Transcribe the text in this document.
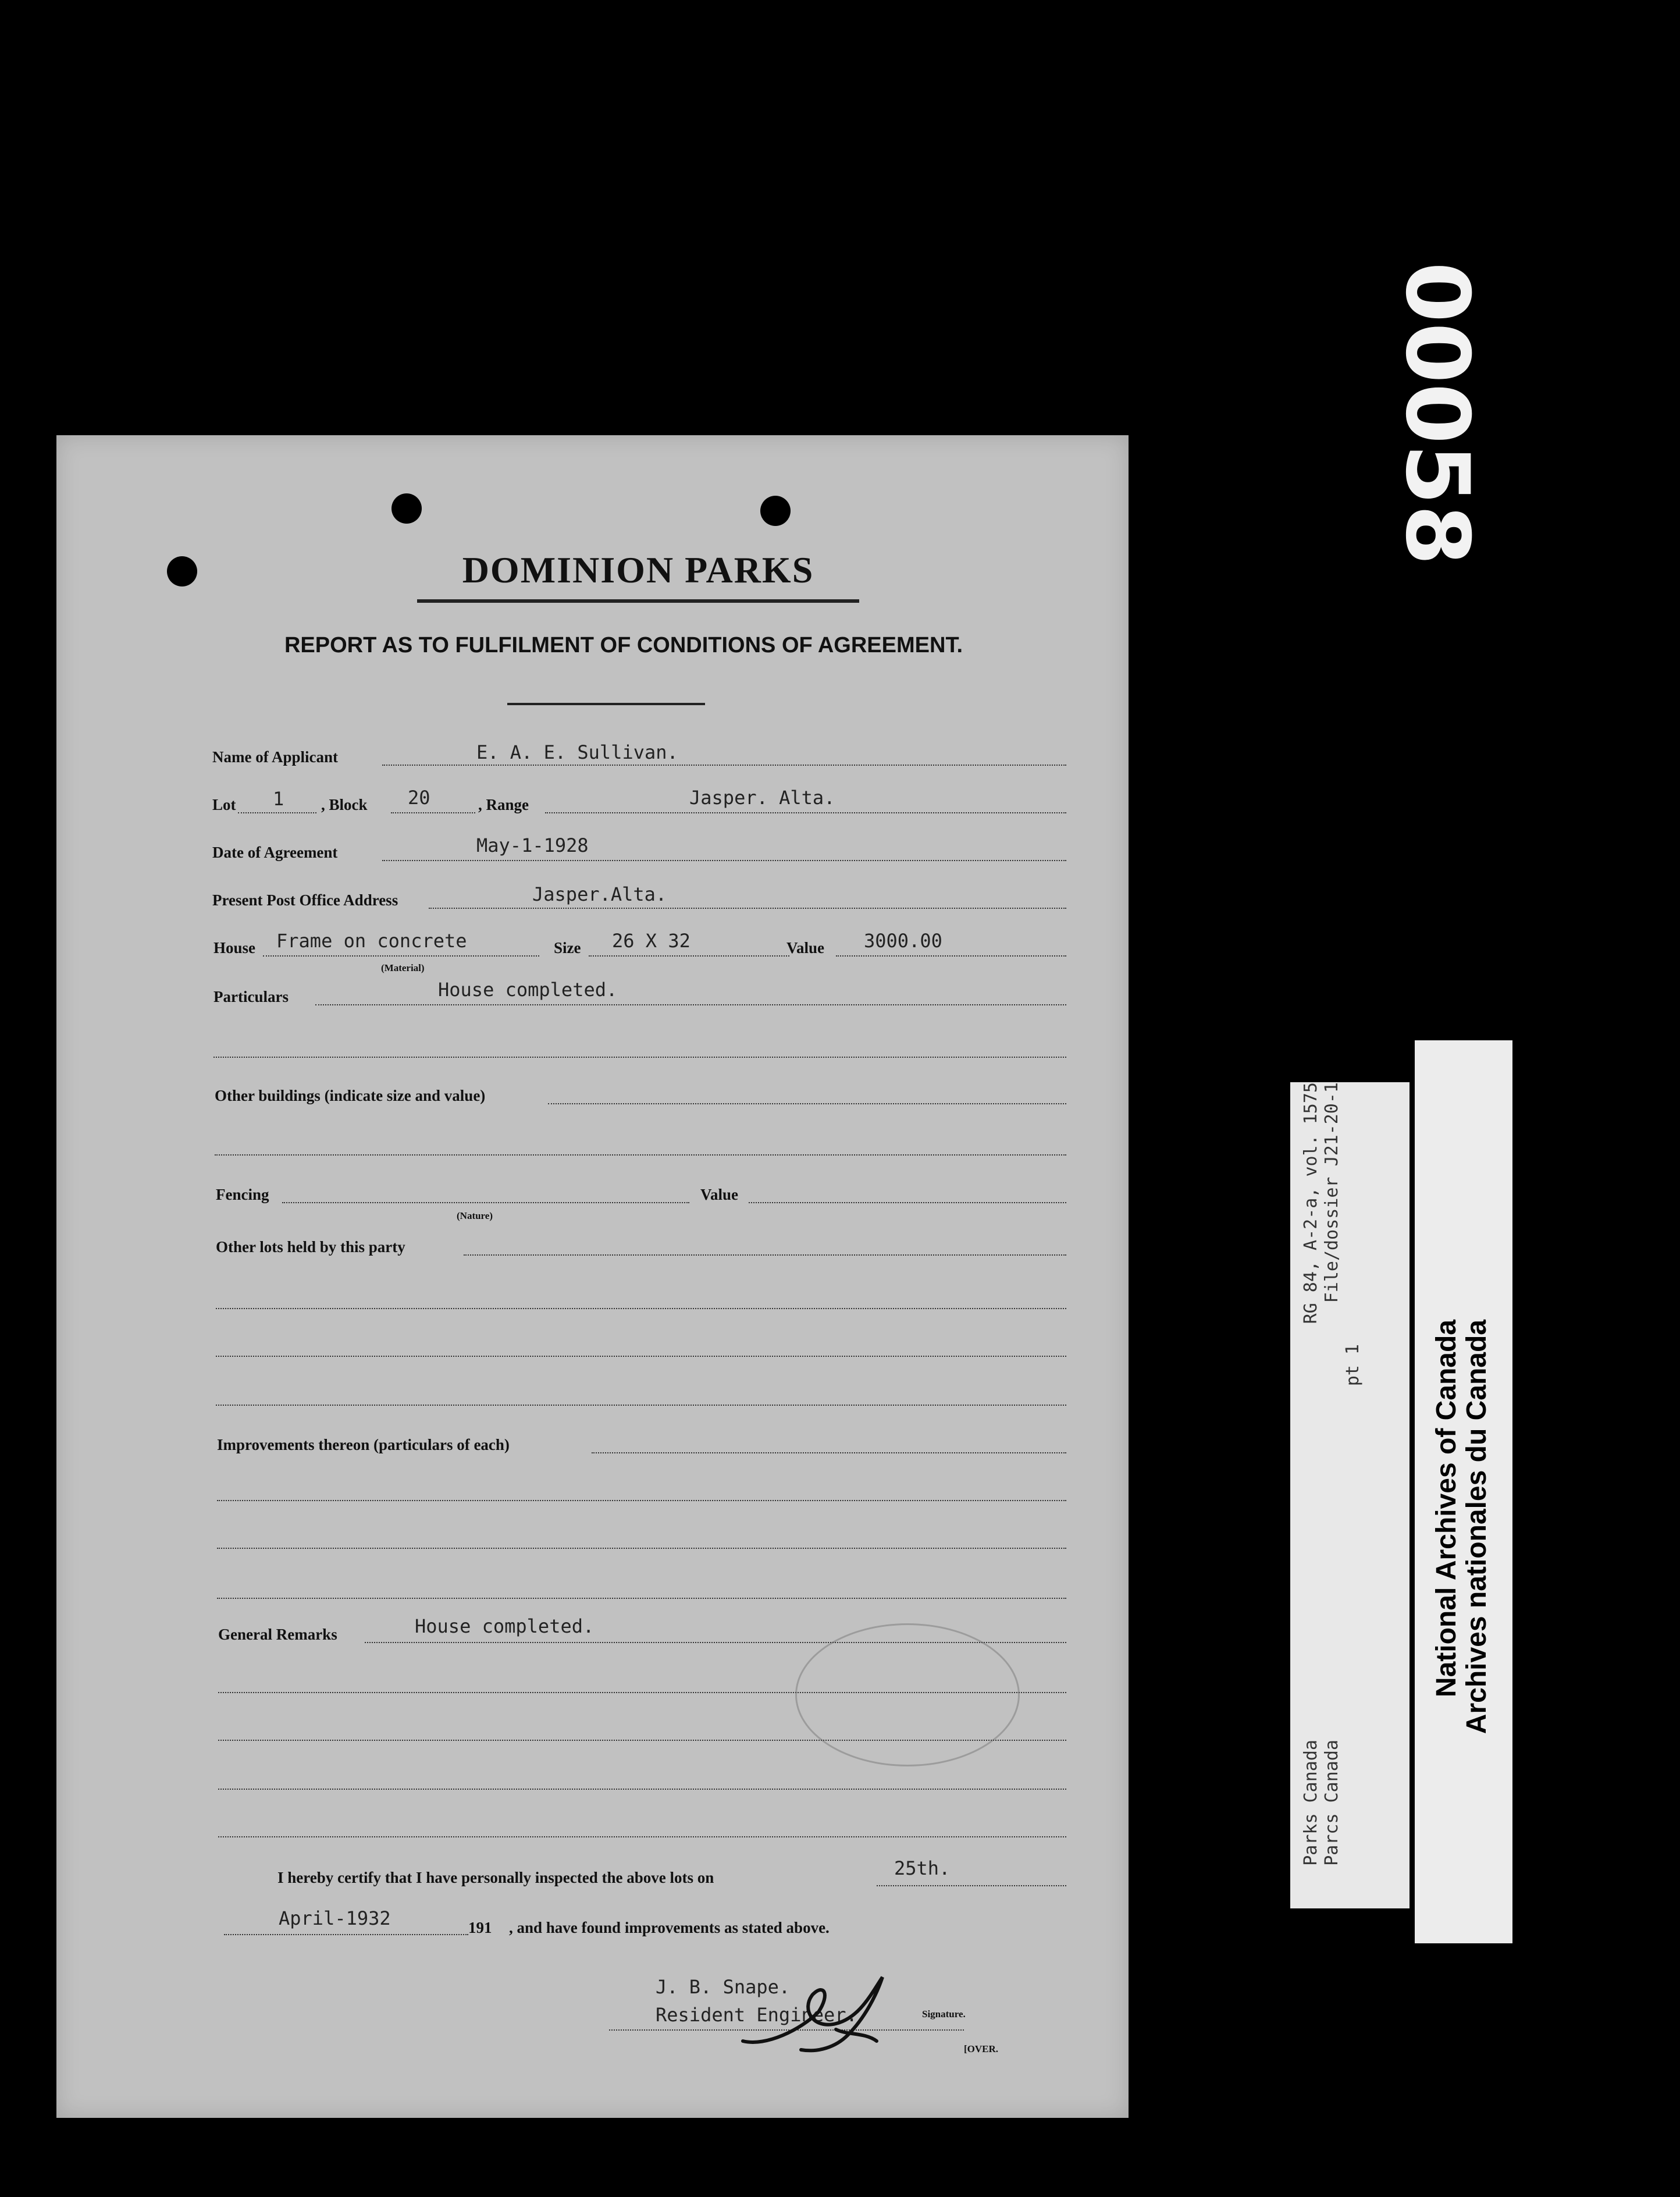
00058
DOMINION PARKS
REPORT AS TO FULFILMENT OF CONDITIONS OF AGREEMENT.
Name of Applicant	E. A. E. Sullivan.
Lot 1 , Block 20	, Range	Jasper. Alta.
Date of Agreement	May-1-1928
Present Post Office Address	Jasper.Alta.
House Frame on concrete
(Material)
Size 26 X 32	Value 3000.00
Particulars	House completed.
Other buildings (indicate size and value)
Fencing
(Nature)
Value
Other lots held by this party
Improvements thereon (particulars of each)
General Remarks	House completed.
I hereby certify that I have personally inspected the above lots on	25th.
April-1932	191 , and have found improvements as stated above.
J. B. Snape.
Resident Engineer.	Signature.
[OVER.
RG 84, A-2-a, vol. 1575 File/dossier J21-20-1
pt 1
Parks Canada Parcs Canada
National Archives of Canada Archives nationales du Canada
